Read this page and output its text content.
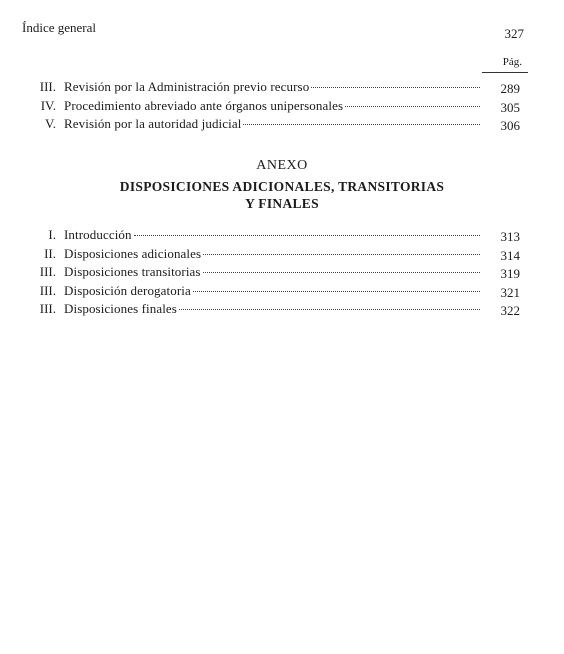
Índice general	327
Pág.
III. Revisión por la Administración previo recurso	289
IV. Procedimiento abreviado ante órganos unipersonales	305
V. Revisión por la autoridad judicial	306
ANEXO
DISPOSICIONES ADICIONALES, TRANSITORIAS
Y FINALES
I. Introducción	313
II. Disposiciones adicionales	314
III. Disposiciones transitorias	319
III. Disposición derogatoria	321
III. Disposiciones finales	322
